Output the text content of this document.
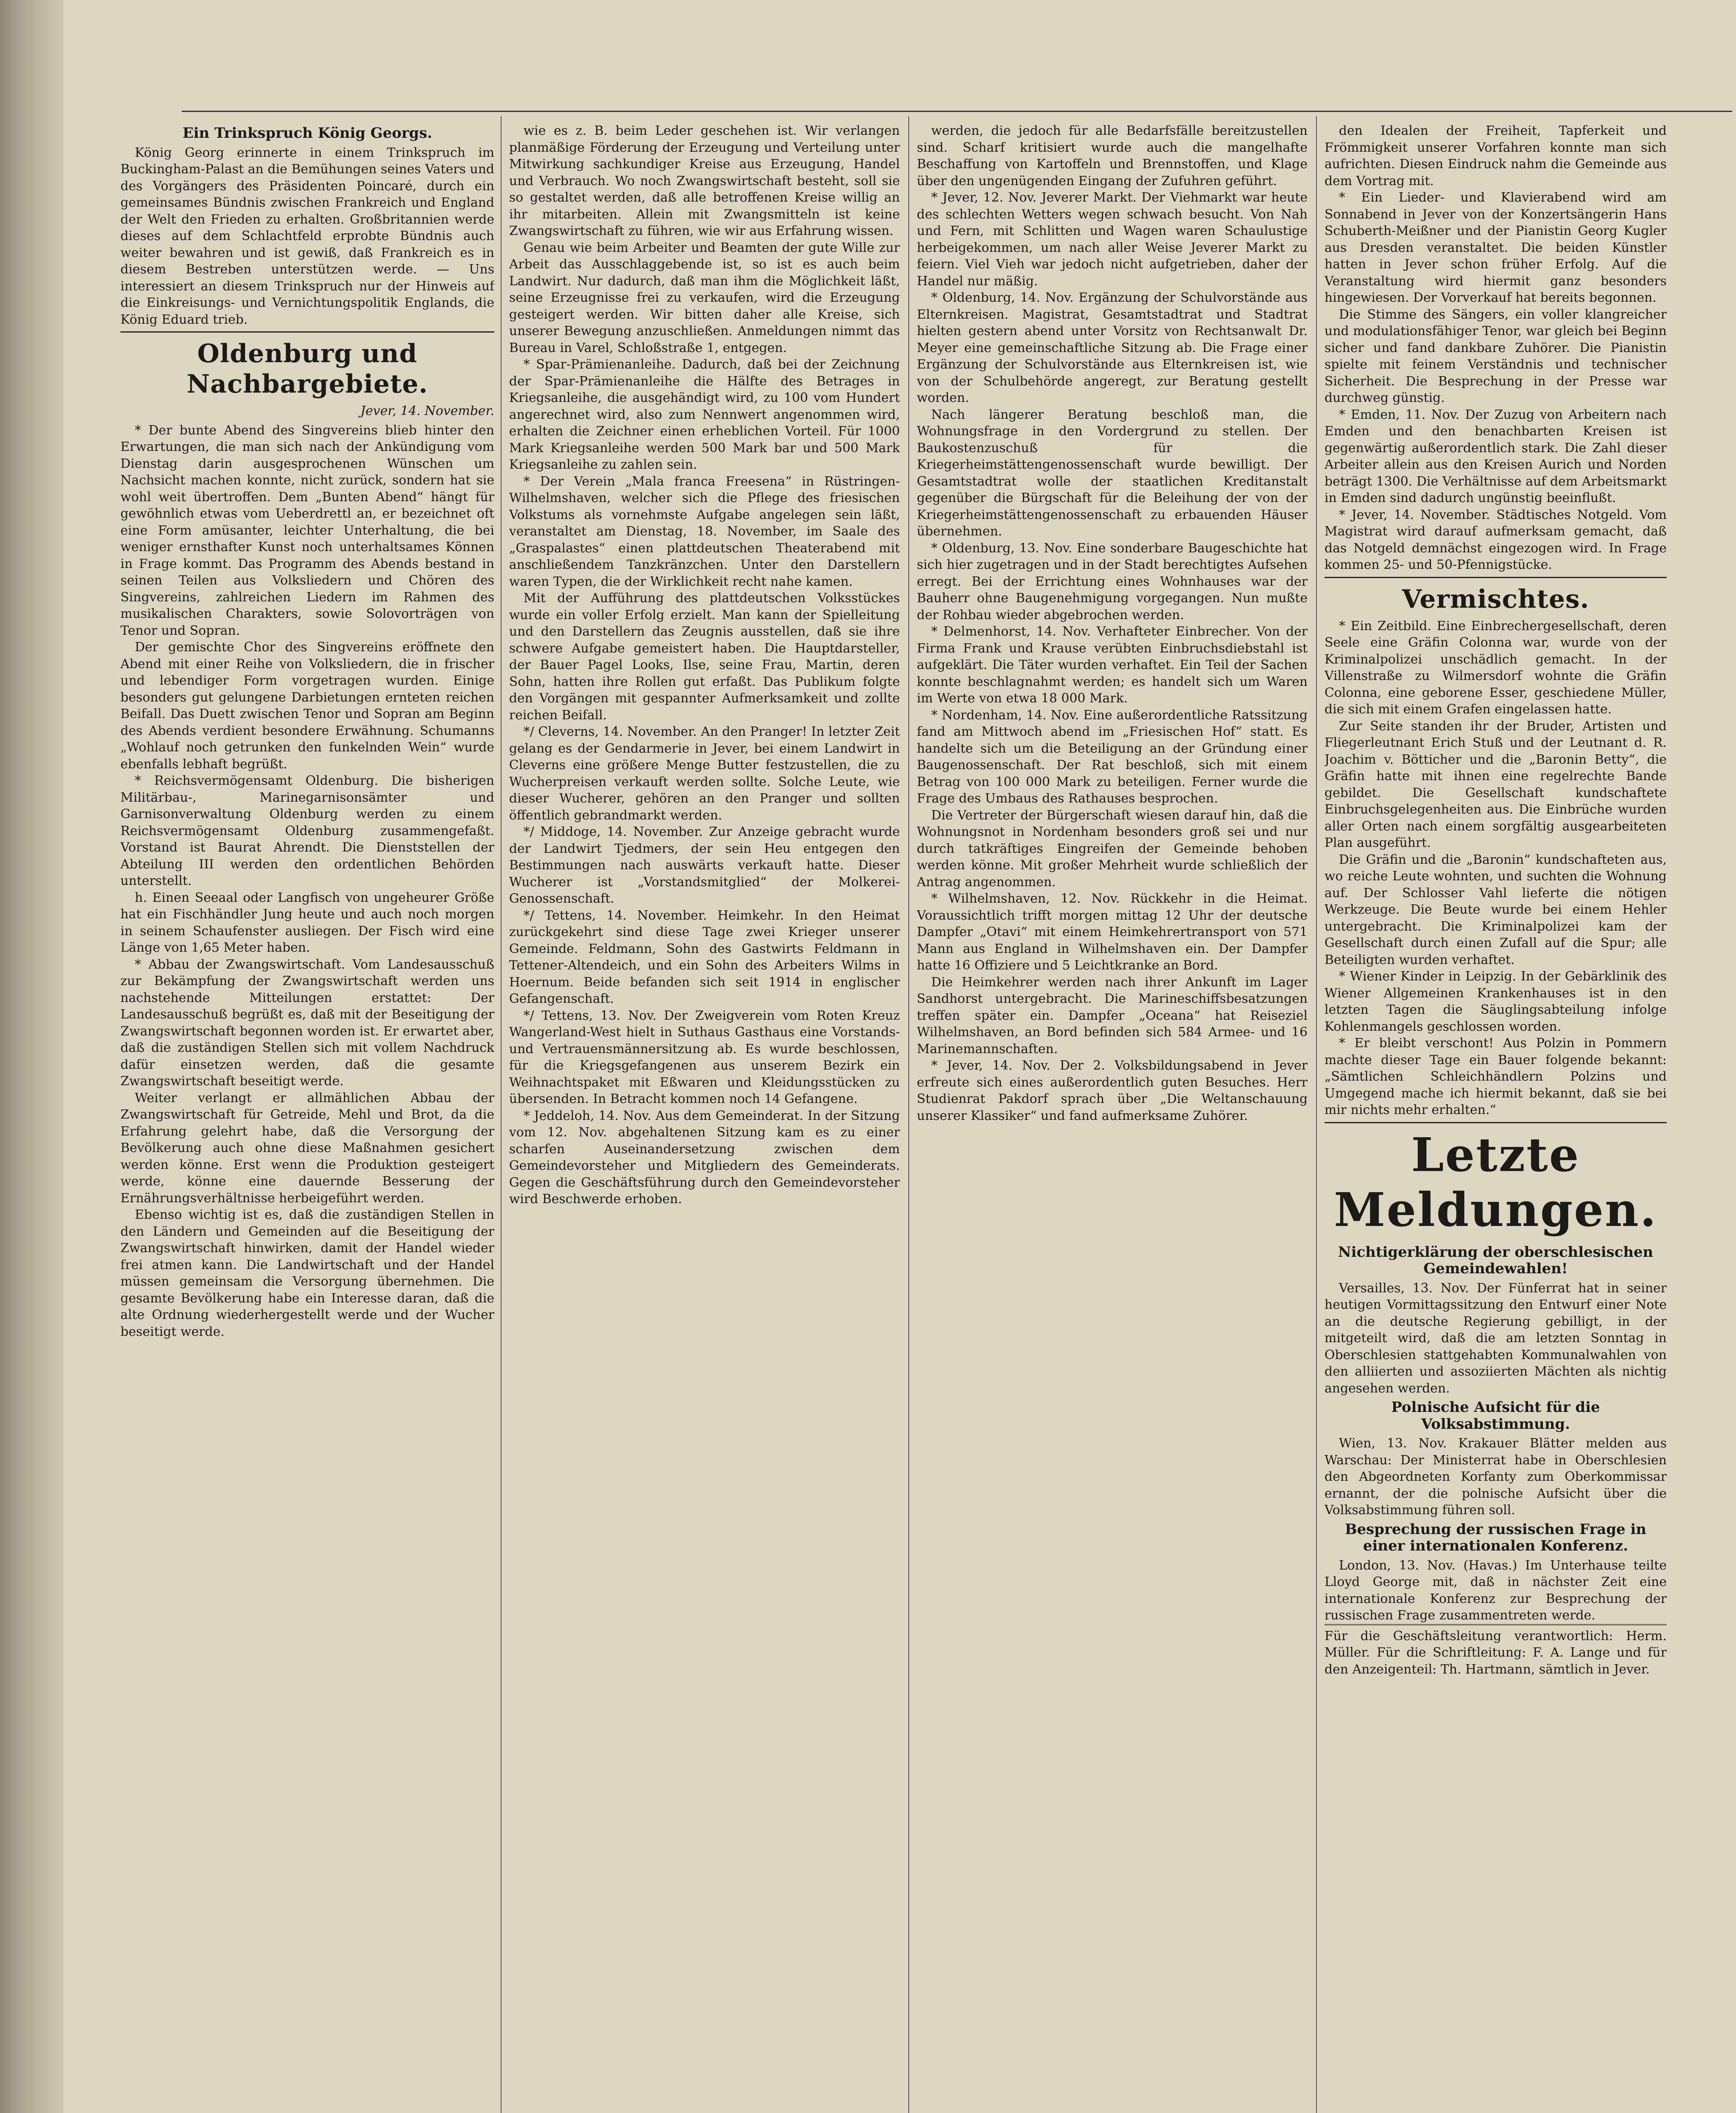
Ein Trinkspruch König Georgs.

König Georg erinnerte in einem Trinkspruch im Buckingham-Palast an die Bemühungen seines Vaters und des Vorgängers des Präsidenten Poincaré, durch ein gemeinsames Bündnis zwischen Frankreich und England der Welt den Frieden zu erhalten. Großbritannien werde dieses auf dem Schlachtfeld erprobte Bündnis auch weiter bewahren und ist gewiß, daß Frankreich es in diesem Bestreben unterstützen werde. — Uns interessiert an diesem Trinkspruch nur der Hinweis auf die Einkreisungs- und Vernichtungspolitik Englands, die König Eduard trieb.

Oldenburg und Nachbargebiete.
Jever, 14. November.

* Der bunte Abend des Singvereins blieb hinter den Erwartungen, die man sich nach der Ankündigung vom Dienstag darin ausgesprochenen Wünschen um Nachsicht machen konnte, nicht zurück, sondern hat sie wohl weit übertroffen. Dem „Bunten Abend“ hängt für gewöhnlich etwas vom Ueberdrettl an, er bezeichnet oft eine Form amüsanter, leichter Unterhaltung, die bei weniger ernsthafter Kunst noch unterhaltsames Können in Frage kommt. Das Programm des Abends bestand in seinen Teilen aus Volksliedern und Chören des Singvereins, zahlreichen Liedern im Rahmen des musikalischen Charakters, sowie Solovorträgen von Tenor und Sopran.

Der gemischte Chor des Singvereins eröffnete den Abend mit einer Reihe von Volksliedern, die in frischer und lebendiger Form vorgetragen wurden. Einige besonders gut gelungene Darbietungen ernteten reichen Beifall. Das Duett zwischen Tenor und Sopran am Beginn des Abends verdient besondere Erwähnung. Schumanns „Wohlauf noch getrunken den funkelnden Wein“ wurde ebenfalls lebhaft begrüßt.

* Reichsvermögensamt Oldenburg. Die bisherigen Militärbau-, Marinegarnisonsämter und Garnisonverwaltung Oldenburg werden zu einem Reichsvermögensamt Oldenburg zusammengefaßt. Vorstand ist Baurat Ahrendt. Die Dienststellen der Abteilung III werden den ordentlichen Behörden unterstellt.

h. Einen Seeaal oder Langfisch von ungeheurer Größe hat ein Fischhändler Jung heute und auch noch morgen in seinem Schaufenster ausliegen. Der Fisch wird eine Länge von 1,65 Meter haben.

* Abbau der Zwangswirtschaft. Vom Landesausschuß zur Bekämpfung der Zwangswirtschaft werden uns nachstehende Mitteilungen erstattet: Der Landesausschuß begrüßt es, daß mit der Beseitigung der Zwangswirtschaft begonnen worden ist. Er erwartet aber, daß die zuständigen Stellen sich mit vollem Nachdruck dafür einsetzen werden, daß die gesamte Zwangswirtschaft beseitigt werde.

Weiter verlangt er allmählichen Abbau der Zwangswirtschaft für Getreide, Mehl und Brot, da die Erfahrung gelehrt habe, daß die Versorgung der Bevölkerung auch ohne diese Maßnahmen gesichert werden könne. Erst wenn die Produktion gesteigert werde, könne eine dauernde Besserung der Ernährungsverhältnisse herbeigeführt werden.

Ebenso wichtig ist es, daß die zuständigen Stellen in den Ländern und Gemeinden auf die Beseitigung der Zwangswirtschaft hinwirken, damit der Handel wieder frei atmen kann. Die Landwirtschaft und der Handel müssen gemeinsam die Versorgung übernehmen. Die gesamte Bevölkerung habe ein Interesse daran, daß die alte Ordnung wiederhergestellt werde und der Wucher beseitigt werde.

wie es z. B. beim Leder geschehen ist. Wir verlangen planmäßige Förderung der Erzeugung und Verteilung unter Mitwirkung sachkundiger Kreise aus Erzeugung, Handel und Verbrauch. Wo noch Zwangswirtschaft besteht, soll sie so gestaltet werden, daß alle betroffenen Kreise willig an ihr mitarbeiten. Allein mit Zwangsmitteln ist keine Zwangswirtschaft zu führen, wie wir aus Erfahrung wissen.

Genau wie beim Arbeiter und Beamten der gute Wille zur Arbeit das Ausschlaggebende ist, so ist es auch beim Landwirt. Nur dadurch, daß man ihm die Möglichkeit läßt, seine Erzeugnisse frei zu verkaufen, wird die Erzeugung gesteigert werden. Wir bitten daher alle Kreise, sich unserer Bewegung anzuschließen. Anmeldungen nimmt das Bureau in Varel, Schloßstraße 1, entgegen.

* Spar-Prämienanleihe. Dadurch, daß bei der Zeichnung der Spar-Prämienanleihe die Hälfte des Betrages in Kriegsanleihe, die ausgehändigt wird, zu 100 vom Hundert angerechnet wird, also zum Nennwert angenommen wird, erhalten die Zeichner einen erheblichen Vorteil. Für 1000 Mark Kriegsanleihe werden 500 Mark bar und 500 Mark Kriegsanleihe zu zahlen sein.

* Der Verein „Mala franca Freesena“ in Rüstringen-Wilhelmshaven, welcher sich die Pflege des friesischen Volkstums als vornehmste Aufgabe angelegen sein läßt, veranstaltet am Dienstag, 18. November, im Saale des „Graspalastes“ einen plattdeutschen Theaterabend mit anschließendem Tanzkränzchen. Unter den Darstellern waren Typen, die der Wirklichkeit recht nahe kamen.

Mit der Aufführung des plattdeutschen Volksstückes wurde ein voller Erfolg erzielt. Man kann der Spielleitung und den Darstellern das Zeugnis ausstellen, daß sie ihre schwere Aufgabe gemeistert haben. Die Hauptdarsteller, der Bauer Pagel Looks, Ilse, seine Frau, Martin, deren Sohn, hatten ihre Rollen gut erfaßt. Das Publikum folgte den Vorgängen mit gespannter Aufmerksamkeit und zollte reichen Beifall.

*/ Cleverns, 14. November. An den Pranger! In letzter Zeit gelang es der Gendarmerie in Jever, bei einem Landwirt in Cleverns eine größere Menge Butter festzustellen, die zu Wucherpreisen verkauft werden sollte. Solche Leute, wie dieser Wucherer, gehören an den Pranger und sollten öffentlich gebrandmarkt werden.

*/ Middoge, 14. November. Zur Anzeige gebracht wurde der Landwirt Tjedmers, der sein Heu entgegen den Bestimmungen nach auswärts verkauft hatte. Dieser Wucherer ist „Vorstandsmitglied“ der Molkerei-Genossenschaft.

*/ Tettens, 14. November. Heimkehr. In den Heimat zurückgekehrt sind diese Tage zwei Krieger unserer Gemeinde. Feldmann, Sohn des Gastwirts Feldmann in Tettener-Altendeich, und ein Sohn des Arbeiters Wilms in Hoernum. Beide befanden sich seit 1914 in englischer Gefangenschaft.

*/ Tettens, 13. Nov. Der Zweigverein vom Roten Kreuz Wangerland-West hielt in Suthaus Gasthaus eine Vorstands- und Vertrauensmännersitzung ab. Es wurde beschlossen, für die Kriegsgefangenen aus unserem Bezirk ein Weihnachtspaket mit Eßwaren und Kleidungsstücken zu übersenden. In Betracht kommen noch 14 Gefangene.

* Jeddeloh, 14. Nov. Aus dem Gemeinderat. In der Sitzung vom 12. Nov. abgehaltenen Sitzung kam es zu einer scharfen Auseinandersetzung zwischen dem Gemeindevorsteher und Mitgliedern des Gemeinderats. Gegen die Geschäftsführung durch den Gemeindevorsteher wird Beschwerde erhoben.

werden, die jedoch für alle Bedarfsfälle bereitzustellen sind. Scharf kritisiert wurde auch die mangelhafte Beschaffung von Kartoffeln und Brennstoffen, und Klage über den ungenügenden Eingang der Zufuhren geführt.

* Jever, 12. Nov. Jeverer Markt. Der Viehmarkt war heute des schlechten Wetters wegen schwach besucht. Von Nah und Fern, mit Schlitten und Wagen waren Schaulustige herbeigekommen, um nach aller Weise Jeverer Markt zu feiern. Viel Vieh war jedoch nicht aufgetrieben, daher der Handel nur mäßig.

* Oldenburg, 14. Nov. Ergänzung der Schulvorstände aus Elternkreisen. Magistrat, Gesamtstadtrat und Stadtrat hielten gestern abend unter Vorsitz von Rechtsanwalt Dr. Meyer eine gemeinschaftliche Sitzung ab. Die Frage einer Ergänzung der Schulvorstände aus Elternkreisen ist, wie von der Schulbehörde angeregt, zur Beratung gestellt worden.

Nach längerer Beratung beschloß man, die Wohnungsfrage in den Vordergrund zu stellen. Der Baukostenzuschuß für die Kriegerheimstättengenossenschaft wurde bewilligt. Der Gesamtstadtrat wolle der staatlichen Kreditanstalt gegenüber die Bürgschaft für die Beleihung der von der Kriegerheimstättengenossenschaft zu erbauenden Häuser übernehmen.

* Oldenburg, 13. Nov. Eine sonderbare Baugeschichte hat sich hier zugetragen und in der Stadt berechtigtes Aufsehen erregt. Bei der Errichtung eines Wohnhauses war der Bauherr ohne Baugenehmigung vorgegangen. Nun mußte der Rohbau wieder abgebrochen werden.

* Delmenhorst, 14. Nov. Verhafteter Einbrecher. Von der Firma Frank und Krause verübten Einbruchsdiebstahl ist aufgeklärt. Die Täter wurden verhaftet. Ein Teil der Sachen konnte beschlagnahmt werden; es handelt sich um Waren im Werte von etwa 18 000 Mark.

* Nordenham, 14. Nov. Eine außerordentliche Ratssitzung fand am Mittwoch abend im „Friesischen Hof“ statt. Es handelte sich um die Beteiligung an der Gründung einer Baugenossenschaft. Der Rat beschloß, sich mit einem Betrag von 100 000 Mark zu beteiligen. Ferner wurde die Frage des Umbaus des Rathauses besprochen.

Die Vertreter der Bürgerschaft wiesen darauf hin, daß die Wohnungsnot in Nordenham besonders groß sei und nur durch tatkräftiges Eingreifen der Gemeinde behoben werden könne. Mit großer Mehrheit wurde schließlich der Antrag angenommen.

* Wilhelmshaven, 12. Nov. Rückkehr in die Heimat. Voraussichtlich trifft morgen mittag 12 Uhr der deutsche Dampfer „Otavi“ mit einem Heimkehrertransport von 571 Mann aus England in Wilhelmshaven ein. Der Dampfer hatte 16 Offiziere und 5 Leichtkranke an Bord.

Die Heimkehrer werden nach ihrer Ankunft im Lager Sandhorst untergebracht. Die Marineschiffsbesatzungen treffen später ein. Dampfer „Oceana“ hat Reiseziel Wilhelmshaven, an Bord befinden sich 584 Armee- und 16 Marinemannschaften.

* Jever, 14. Nov. Der 2. Volksbildungsabend in Jever erfreute sich eines außerordentlich guten Besuches. Herr Studienrat Pakdorf sprach über „Die Weltanschauung unserer Klassiker“ und fand aufmerksame Zuhörer.

den Idealen der Freiheit, Tapferkeit und Frömmigkeit unserer Vorfahren konnte man sich aufrichten. Diesen Eindruck nahm die Gemeinde aus dem Vortrag mit.

* Ein Lieder- und Klavierabend wird am Sonnabend in Jever von der Konzertsängerin Hans Schuberth-Meißner und der Pianistin Georg Kugler aus Dresden veranstaltet. Die beiden Künstler hatten in Jever schon früher Erfolg. Auf die Veranstaltung wird hiermit ganz besonders hingewiesen. Der Vorverkauf hat bereits begonnen.

Die Stimme des Sängers, ein voller klangreicher und modulationsfähiger Tenor, war gleich bei Beginn sicher und fand dankbare Zuhörer. Die Pianistin spielte mit feinem Verständnis und technischer Sicherheit. Die Besprechung in der Presse war durchweg günstig.

* Emden, 11. Nov. Der Zuzug von Arbeitern nach Emden und den benachbarten Kreisen ist gegenwärtig außerordentlich stark. Die Zahl dieser Arbeiter allein aus den Kreisen Aurich und Norden beträgt 1300. Die Verhältnisse auf dem Arbeitsmarkt in Emden sind dadurch ungünstig beeinflußt.

* Jever, 14. November. Städtisches Notgeld. Vom Magistrat wird darauf aufmerksam gemacht, daß das Notgeld demnächst eingezogen wird. In Frage kommen 25- und 50-Pfennigstücke.

Vermischtes.

* Ein Zeitbild. Eine Einbrechergesellschaft, deren Seele eine Gräfin Colonna war, wurde von der Kriminalpolizei unschädlich gemacht. In der Villenstraße zu Wilmersdorf wohnte die Gräfin Colonna, eine geborene Esser, geschiedene Müller, die sich mit einem Grafen eingelassen hatte.

Zur Seite standen ihr der Bruder, Artisten und Fliegerleutnant Erich Stuß und der Leutnant d. R. Joachim v. Bötticher und die „Baronin Betty“, die Gräfin hatte mit ihnen eine regelrechte Bande gebildet. Die Gesellschaft kundschaftete Einbruchsgelegenheiten aus. Die Einbrüche wurden aller Orten nach einem sorgfältig ausgearbeiteten Plan ausgeführt.

Die Gräfin und die „Baronin“ kundschafteten aus, wo reiche Leute wohnten, und suchten die Wohnung auf. Der Schlosser Vahl lieferte die nötigen Werkzeuge. Die Beute wurde bei einem Hehler untergebracht. Die Kriminalpolizei kam der Gesellschaft durch einen Zufall auf die Spur; alle Beteiligten wurden verhaftet.

* Wiener Kinder in Leipzig. In der Gebärklinik des Wiener Allgemeinen Krankenhauses ist in den letzten Tagen die Säuglingsabteilung infolge Kohlenmangels geschlossen worden.

* Er bleibt verschont! Aus Polzin in Pommern machte dieser Tage ein Bauer folgende bekannt: „Sämtlichen Schleichhändlern Polzins und Umgegend mache ich hiermit bekannt, daß sie bei mir nichts mehr erhalten.“

Letzte Meldungen.
Nichtigerklärung der oberschlesischen Gemeindewahlen!

Versailles, 13. Nov. Der Fünferrat hat in seiner heutigen Vormittagssitzung den Entwurf einer Note an die deutsche Regierung gebilligt, in der mitgeteilt wird, daß die am letzten Sonntag in Oberschlesien stattgehabten Kommunalwahlen von den alliierten und assoziierten Mächten als nichtig angesehen werden.

Polnische Aufsicht für die Volksabstimmung.

Wien, 13. Nov. Krakauer Blätter melden aus Warschau: Der Ministerrat habe in Oberschlesien den Abgeordneten Korfanty zum Oberkommissar ernannt, der die polnische Aufsicht über die Volksabstimmung führen soll.

Besprechung der russischen Frage in einer internationalen Konferenz.

London, 13. Nov. (Havas.) Im Unterhause teilte Lloyd George mit, daß in nächster Zeit eine internationale Konferenz zur Besprechung der russischen Frage zusammentreten werde.

Für die Geschäftsleitung verantwortlich: Herm. Müller. Für die Schriftleitung: F. A. Lange und für den Anzeigenteil: Th. Hartmann, sämtlich in Jever.
